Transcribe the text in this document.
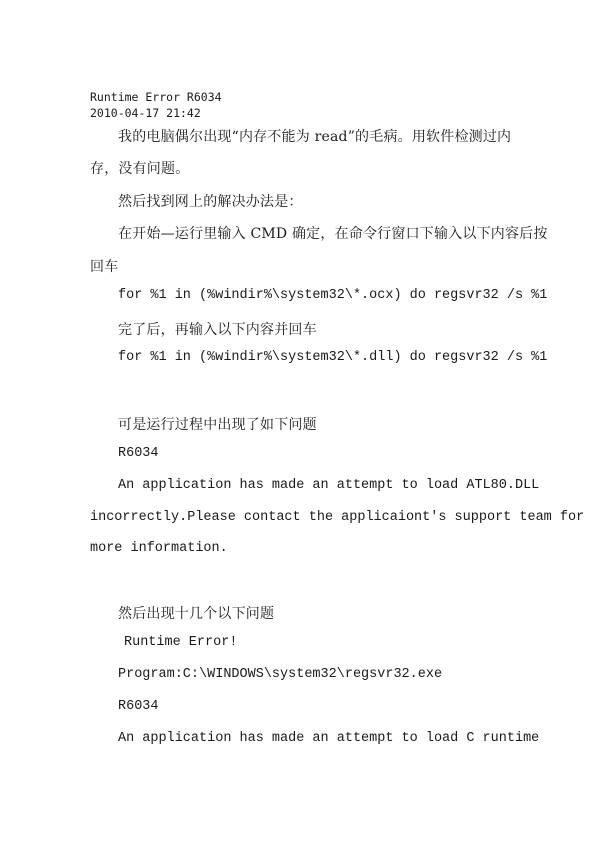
Runtime Error R6034
2010-04-17 21:42
我的电脑偶尔出现“内存不能为 read”的毛病。用软件检测过内
存，没有问题。
然后找到网上的解决办法是：
在开始—运行里输入 CMD 确定，在命令行窗口下输入以下内容后按
回车
for %1 in (%windir%\system32\*.ocx) do regsvr32 /s %1
完了后，再输入以下内容并回车
for %1 in (%windir%\system32\*.dll) do regsvr32 /s %1
可是运行过程中出现了如下问题
R6034
An application has made an attempt to load ATL80.DLL
incorrectly.Please contact the applicaiont's support team for
more information.
然后出现十几个以下问题
Runtime Error!
Program:C:\WINDOWS\system32\regsvr32.exe
R6034
An application has made an attempt to load C runtime
